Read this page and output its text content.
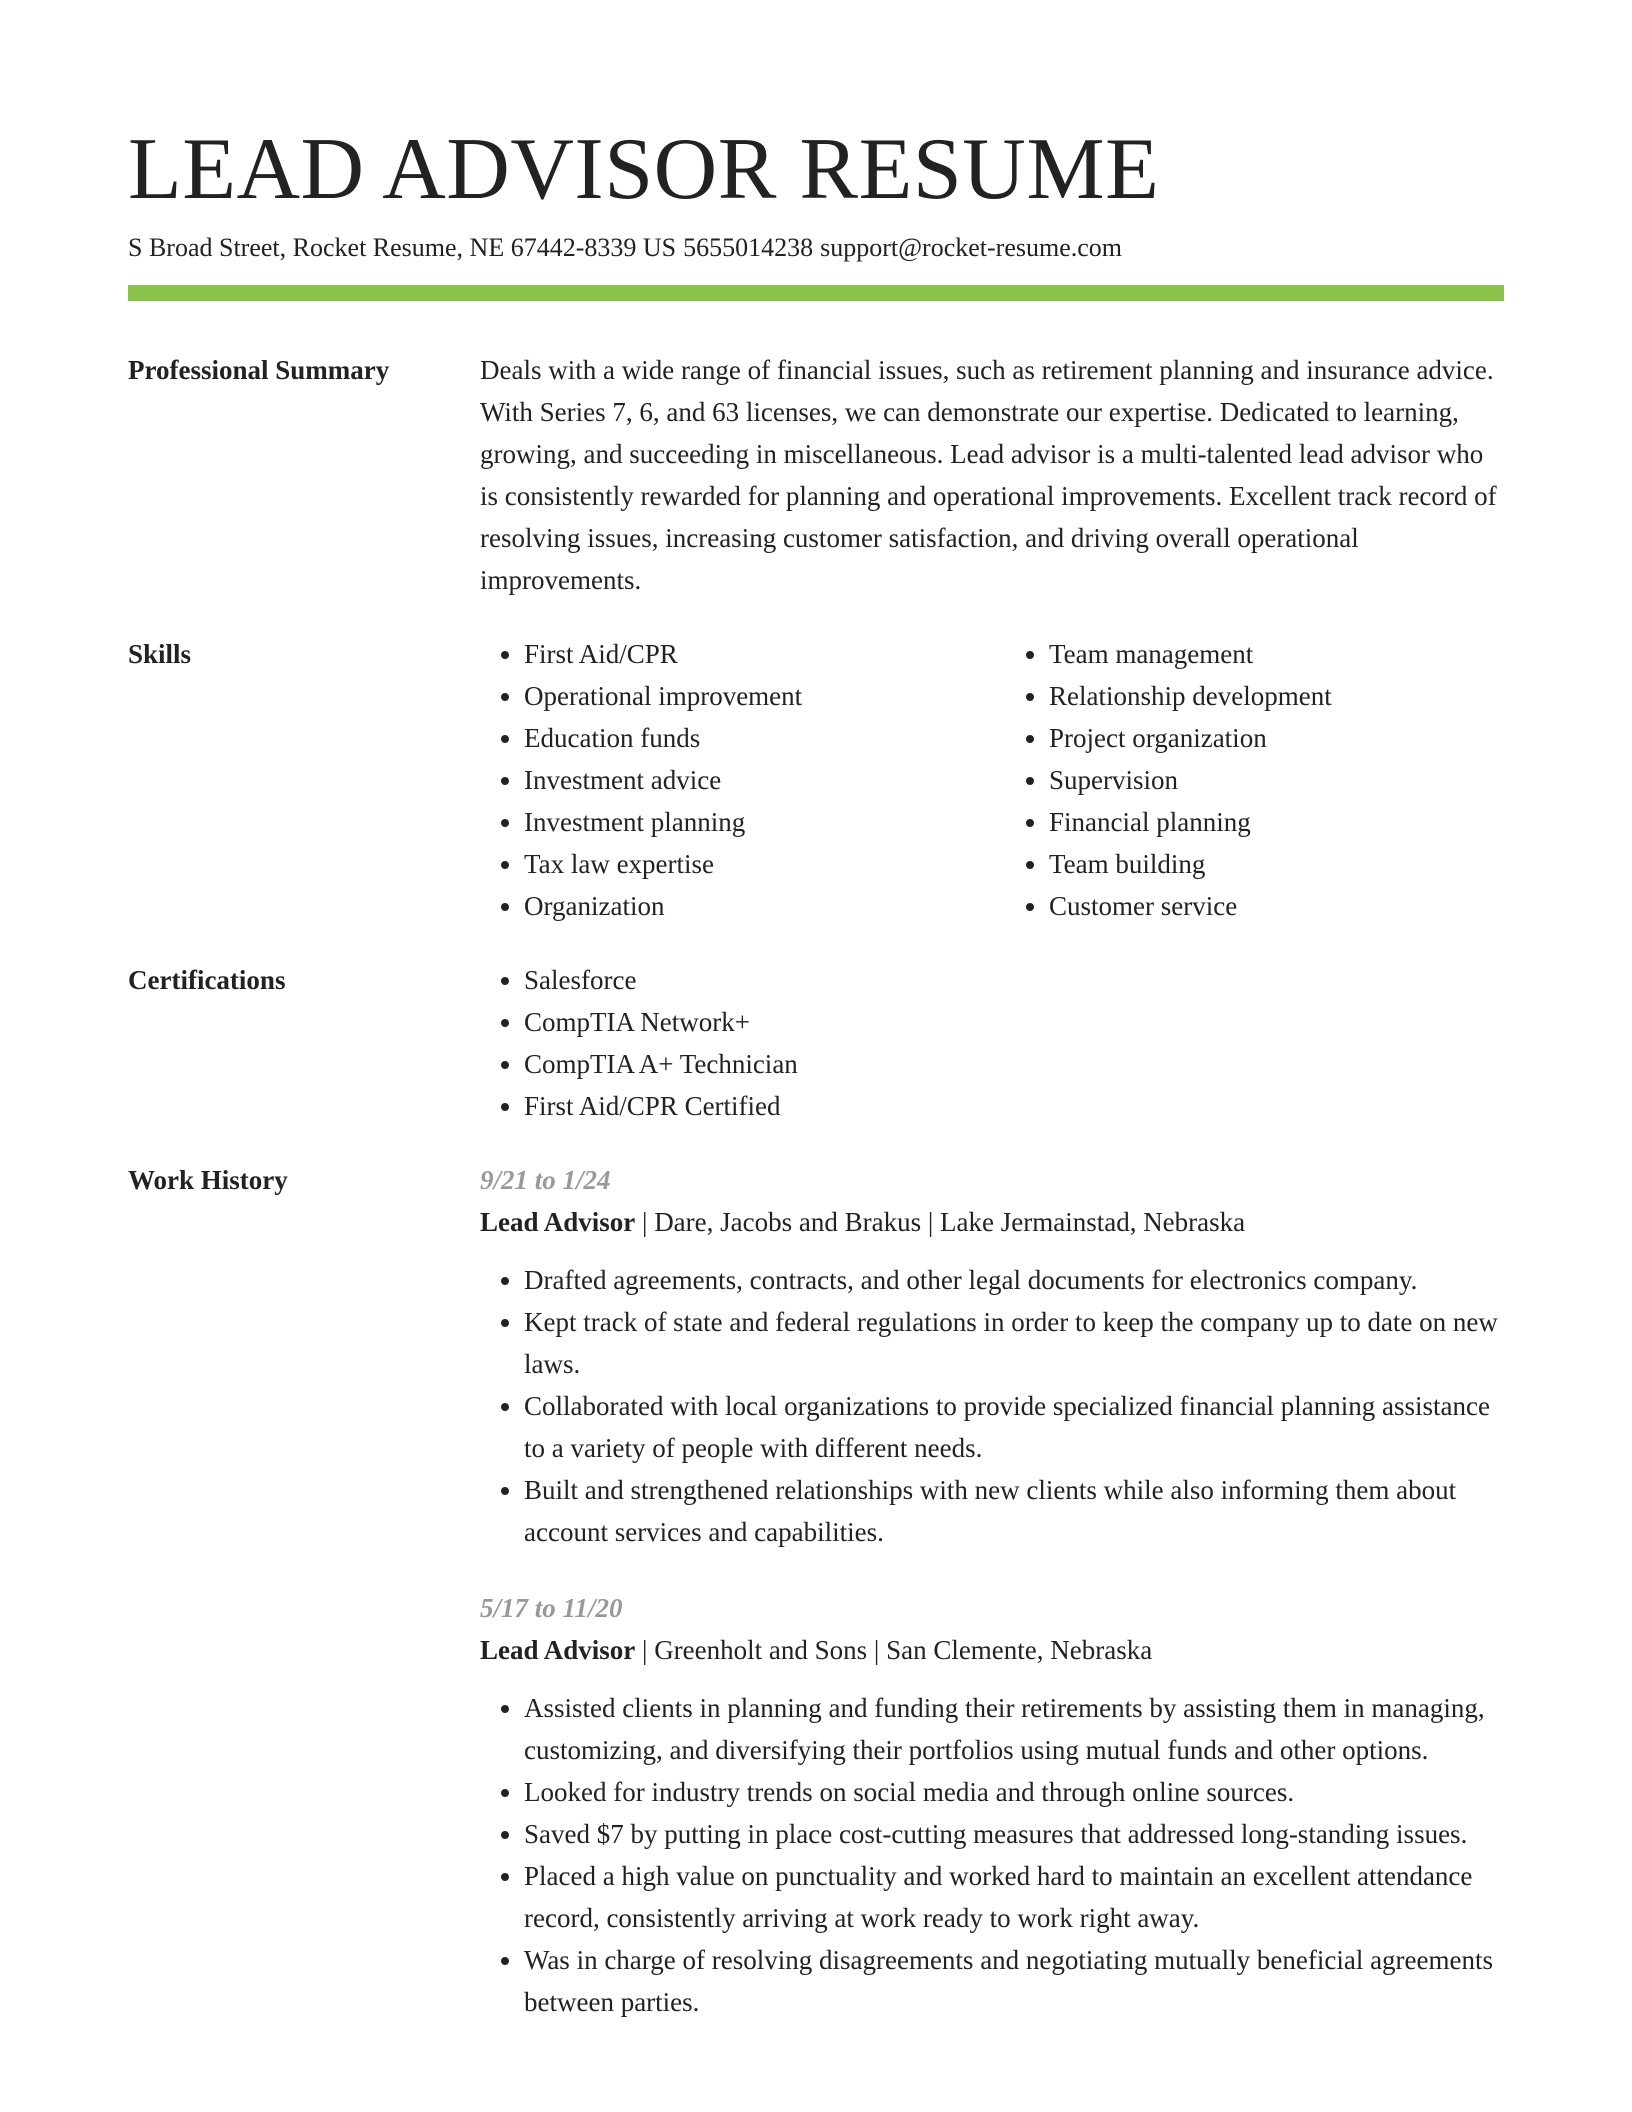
LEAD ADVISOR RESUME
S Broad Street, Rocket Resume, NE 67442-8339 US 5655014238 support@rocket-resume.com
Professional Summary	Deals with a wide range of financial issues, such as retirement planning and insurance advice. With Series 7, 6, and 63 licenses, we can demonstrate our expertise. Dedicated to learning, growing, and succeeding in miscellaneous. Lead advisor is a multi-talented lead advisor who is consistently rewarded for planning and operational improvements. Excellent track record of resolving issues, increasing customer satisfaction, and driving overall operational improvements.

Skills	• First Aid/CPR
• Operational improvement
• Education funds
• Investment advice
• Investment planning
• Tax law expertise
• Organization
• Team management
• Relationship development
• Project organization
• Supervision
• Financial planning
• Team building
• Customer service
Certifications	• Salesforce
• CompTIA Network+
• CompTIA A+ Technician
• First Aid/CPR Certified
Work History	9/21 to 1/24
Lead Advisor | Dare, Jacobs and Brakus | Lake Jermainstad, Nebraska
• Drafted agreements, contracts, and other legal documents for electronics company.
• Kept track of state and federal regulations in order to keep the company up to date on new laws.
• Collaborated with local organizations to provide specialized financial planning assistance to a variety of people with different needs.
• Built and strengthened relationships with new clients while also informing them about account services and capabilities.
5/17 to 11/20
Lead Advisor | Greenholt and Sons | San Clemente, Nebraska
• Assisted clients in planning and funding their retirements by assisting them in managing, customizing, and diversifying their portfolios using mutual funds and other options.
• Looked for industry trends on social media and through online sources.
• Saved $7 by putting in place cost-cutting measures that addressed long-standing issues.
• Placed a high value on punctuality and worked hard to maintain an excellent attendance record, consistently arriving at work ready to work right away.
• Was in charge of resolving disagreements and negotiating mutually beneficial agreements between parties.
